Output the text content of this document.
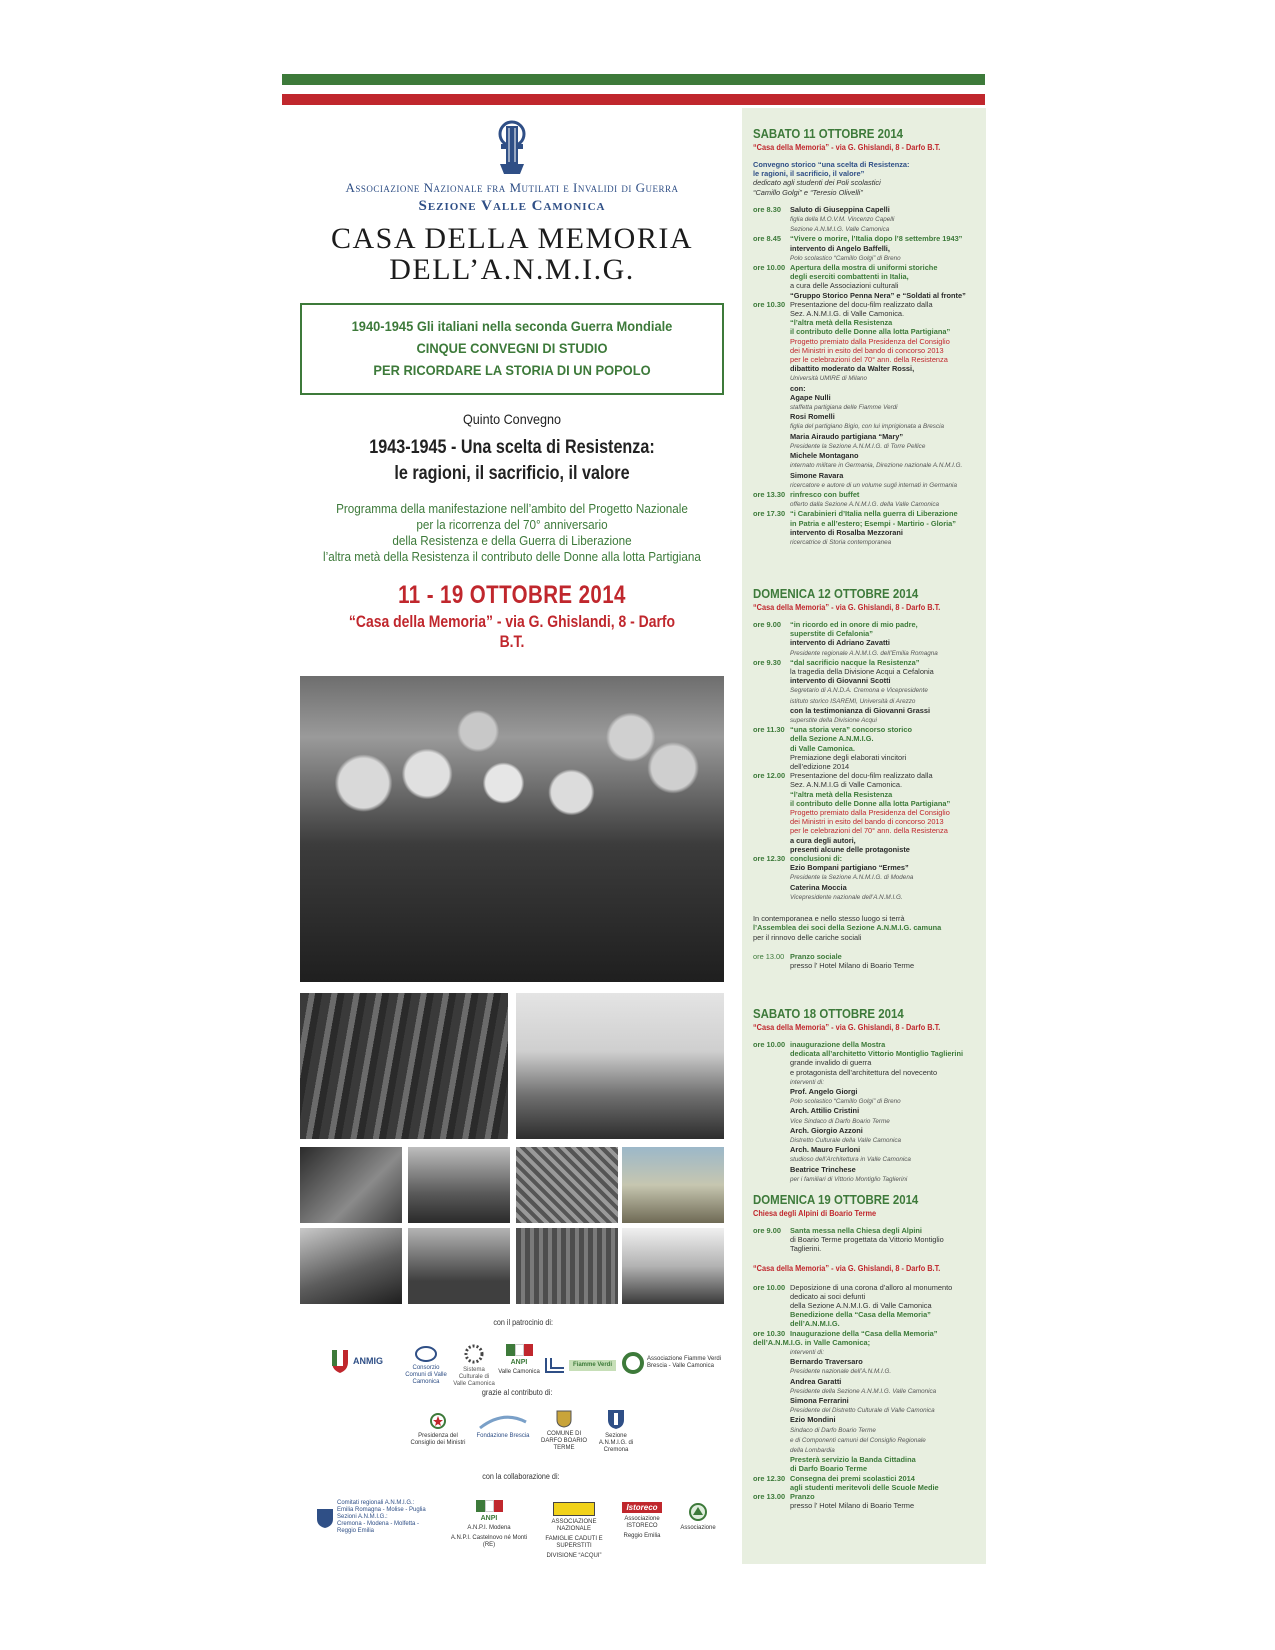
Associazione Nazionale fra Mutilati e Invalidi di Guerra
Sezione Valle Camonica
CASA DELLA MEMORIA
DELL’A.N.M.I.G.
1940-1945 Gli italiani nella seconda Guerra Mondiale
CINQUE CONVEGNI DI STUDIO
PER RICORDARE LA STORIA DI UN POPOLO
Quinto Convegno
1943-1945 - Una scelta di Resistenza:
le ragioni, il sacrificio, il valore
Programma della manifestazione nell’ambito del Progetto Nazionale
per la ricorrenza del 70° anniversario
della Resistenza e della Guerra di Liberazione
l’altra metà della Resistenza il contributo delle Donne alla lotta Partigiana
11 - 19 OTTOBRE 2014
“Casa della Memoria” - via G. Ghislandi, 8 - Darfo B.T.
con il patrocinio di:
ANMIG
Consorzio Comuni di Valle Camonica
Sistema Culturale di Valle Camonica
ANPI
Valle Camonica
Fiamme Verdi
Associazione Fiamme Verdi Brescia - Valle Camonica
grazie al contributo di:
Presidenza del Consiglio dei Ministri
Fondazione Brescia	COMUNE DI DARFO BOARIO TERME
Sezione A.N.M.I.G. di Cremona
con la collaborazione di:
Comitati regionali A.N.M.I.G.:
Emilia Romagna - Molise - Puglia
Sezioni A.N.M.I.G.:
Cremona - Modena - Molfetta - Reggio Emilia
ANPI
A.N.P.I. Modena
A.N.P.I. Castelnovo né Monti (RE)
ASSOCIAZIONE NAZIONALE
FAMIGLIE CADUTI E SUPERSTITI
DIVISIONE “ACQUI”
Istoreco
Associazione ISTORECO
Reggio Emilia
Associazione
SABATO 11 OTTOBRE 2014
“Casa della Memoria” - via G. Ghislandi, 8 - Darfo B.T.
Convegno storico “una scelta di Resistenza:
le ragioni, il sacrificio, il valore”
dedicato agli studenti dei Poli scolastici
“Camillo Golgi” e “Teresio Olivelli”
ore 8.30	Saluto di Giuseppina Capelli
figlia della M.O.V.M. Vincenzo Capelli
Sezione A.N.M.I.G. Valle Camonica
ore 8.45	“Vivere o morire, l’Italia dopo l’8 settembre 1943”
intervento di Angelo Baffelli,
Polo scolastico “Camillo Golgi” di Breno
ore 10.00 Apertura della mostra di uniformi storiche
degli eserciti combattenti in Italia,
a cura delle Associazioni culturali
“Gruppo Storico Penna Nera” e “Soldati al fronte”
ore 10.30 Presentazione del docu-film realizzato dalla
Sez. A.N.M.I.G. di Valle Camonica.
“l’altra metà della Resistenza
il contributo delle Donne alla lotta Partigiana”
Progetto premiato dalla Presidenza del Consiglio
dei Ministri in esito del bando di concorso 2013
per le celebrazioni del 70° ann. della Resistenza
dibattito moderato da Walter Rossi,
Università UMIRE di Milano
con:
Agape Nulli
staffetta partigiana delle Fiamme Verdi
Rosi Romelli
figlia del partigiano Bigio, con lui imprigionata a Brescia
Maria Airaudo partigiana “Mary”
Presidente la Sezione A.N.M.I.G. di Torre Pellice
Michele Montagano
internato militare in Germania, Direzione nazionale A.N.M.I.G.
Simone Ravara
ricercatore e autore di un volume sugli internati in Germania
ore 13.30 rinfresco con buffet
offerto dalla Sezione A.N.M.I.G. della Valle Camonica
ore 17.30 “i Carabinieri d’Italia nella guerra di Liberazione
in Patria e all’estero; Esempi - Martirio - Gloria”
intervento di Rosalba Mezzorani
ricercatrice di Storia contemporanea
DOMENICA 12 OTTOBRE 2014
“Casa della Memoria” - via G. Ghislandi, 8 - Darfo B.T.
ore 9.00	“in ricordo ed in onore di mio padre,
superstite di Cefalonia”
intervento di Adriano Zavatti
Presidente regionale A.N.M.I.G. dell’Emilia Romagna
ore 9.30	“dal sacrificio nacque la Resistenza”
la tragedia della Divisione Acqui a Cefalonia
intervento di Giovanni Scotti
Segretario di A.N.D.A. Cremona e Vicepresidente
istituto storico ISAREMI, Università di Arezzo
con la testimonianza di Giovanni Grassi
superstite della Divisione Acqui
ore 11.30 “una storia vera” concorso storico
della Sezione A.N.M.I.G.
di Valle Camonica.
Premiazione degli elaborati vincitori
dell’edizione 2014
ore 12.00 Presentazione del docu-film realizzato dalla
Sez. A.N.M.I.G di Valle Camonica.
“l’altra metà della Resistenza
il contributo delle Donne alla lotta Partigiana”
Progetto premiato dalla Presidenza del Consiglio
dei Ministri in esito del bando di concorso 2013
per le celebrazioni del 70° ann. della Resistenza
a cura degli autori,
presenti alcune delle protagoniste
ore 12.30 conclusioni di:
Ezio Bompani partigiano “Ermes”
Presidente la Sezione A.N.M.I.G. di Modena
Caterina Moccia
Vicepresidente nazionale dell’A.N.M.I.G.
In contemporanea e nello stesso luogo si terrà
l’Assemblea dei soci della Sezione A.N.M.I.G. camuna
per il rinnovo delle cariche sociali
ore 13.00 Pranzo sociale
presso l’ Hotel Milano di Boario Terme
SABATO 18 OTTOBRE 2014
“Casa della Memoria” - via G. Ghislandi, 8 - Darfo B.T.
ore 10.00 inaugurazione della Mostra
dedicata all’architetto Vittorio Montiglio Taglierini
grande invalido di guerra
e protagonista dell’architettura del novecento
interventi di:
Prof. Angelo Giorgi
Polo scolastico “Camillo Golgi” di Breno
Arch. Attilio Cristini
Vice Sindaco di Darfo Boario Terme
Arch. Giorgio Azzoni
Distretto Culturale della Valle Camonica
Arch. Mauro Furloni
studioso dell’Architettura in Valle Camonica
Beatrice Trinchese
per i familiari di Vittorio Montiglio Taglierini
DOMENICA 19 OTTOBRE 2014
Chiesa degli Alpini di Boario Terme
ore 9.00	Santa messa nella Chiesa degli Alpini
di Boario Terme progettata da Vittorio Montiglio
Taglierini.
“Casa della Memoria” - via G. Ghislandi, 8 - Darfo B.T.
ore 10.00 Deposizione di una corona d’alloro al monumento
dedicato ai soci defunti
della Sezione A.N.M.I.G. di Valle Camonica
Benedizione della “Casa della Memoria”
dell’A.N.M.I.G.
ore 10.30 Inaugurazione della “Casa della Memoria”
dell’A.N.M.I.G. in Valle Camonica;
interventi di:
Bernardo Traversaro
Presidente nazionale dell’A.N.M.I.G.
Andrea Garatti
Presidente della Sezione A.N.M.I.G. Valle Camonica
Simona Ferrarini
Presidente del Distretto Culturale di Valle Camonica
Ezio Mondini
Sindaco di Darfo Boario Terme
e di Componenti camuni del Consiglio Regionale
della Lombardia
Presterà servizio la Banda Cittadina
di Darfo Boario Terme
ore 12.30 Consegna dei premi scolastici 2014
agli studenti meritevoli delle Scuole Medie
ore 13.00 Pranzo
presso l’ Hotel Milano di Boario Terme
